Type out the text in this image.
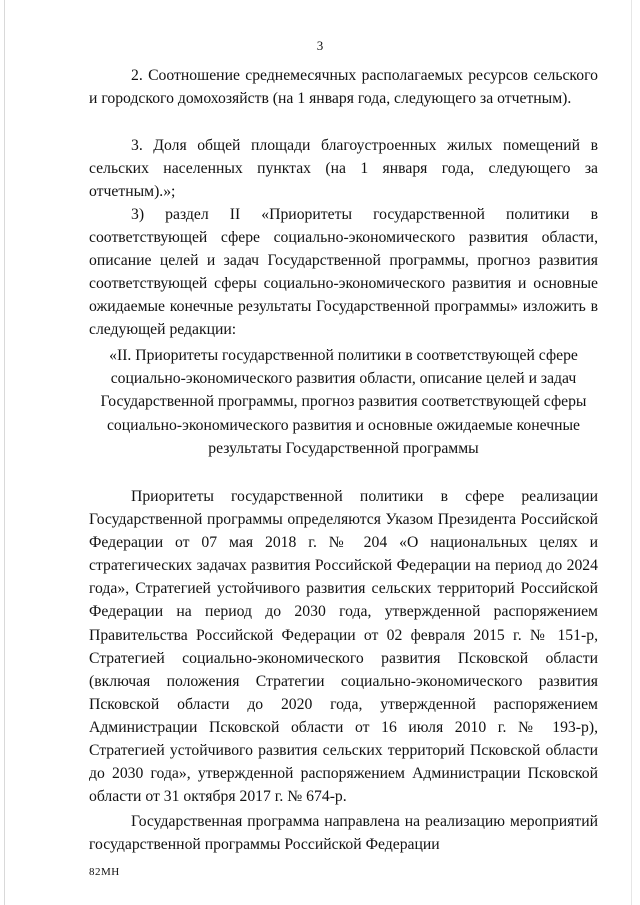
3

2. Соотношение среднемесячных располагаемых ресурсов сельского и городского домохозяйств (на 1 января года, следующего за отчетным).

3. Доля общей площади благоустроенных жилых помещений в сельских населенных пунктах (на 1 января года, следующего за отчетным).»;

3) раздел II «Приоритеты государственной политики в соответствующей сфере социально-экономического развития области, описание целей и задач Государственной программы, прогноз развития соответствующей сферы социально-экономического развития и основные ожидаемые конечные результаты Государственной программы» изложить в следующей редакции:

«II. Приоритеты государственной политики в соответствующей сфере социально-экономического развития области, описание целей и задач Государственной программы, прогноз развития соответствующей сферы социально-экономического развития и основные ожидаемые конечные результаты Государственной программы

Приоритеты государственной политики в сфере реализации Государственной программы определяются Указом Президента Российской Федерации от 07 мая 2018 г. № 204 «О национальных целях и стратегических задачах развития Российской Федерации на период до 2024 года», Стратегией устойчивого развития сельских территорий Российской Федерации на период до 2030 года, утвержденной распоряжением Правительства Российской Федерации от 02 февраля 2015 г. № 151-р, Стратегией социально-экономического развития Псковской области (включая положения Стратегии социально-экономического развития Псковской области до 2020 года, утвержденной распоряжением Администрации Псковской области от 16 июля 2010 г. № 193-р), Стратегией устойчивого развития сельских территорий Псковской области до 2030 года», утвержденной распоряжением Администрации Псковской области от 31 октября 2017 г. № 674-р.

Государственная программа направлена на реализацию мероприятий государственной программы Российской Федерации

82МН
